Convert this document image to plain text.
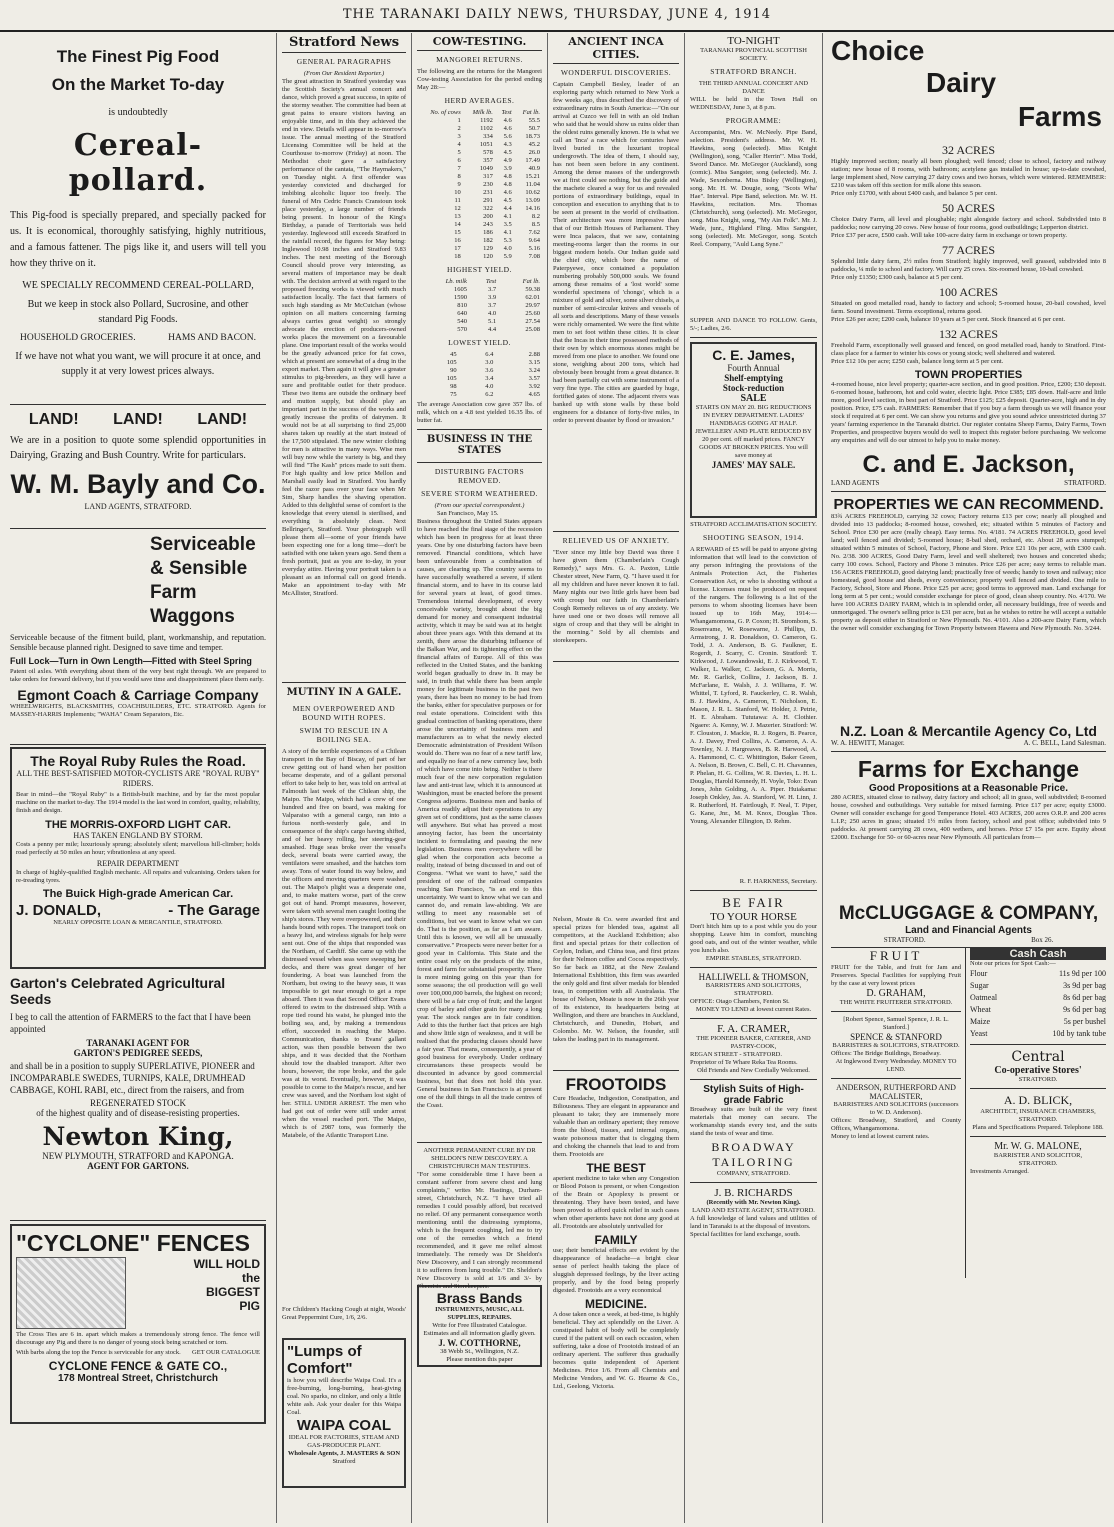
THE TARANAKI DAILY NEWS, THURSDAY, JUNE 4, 1914
The Finest Pig Food
On the Market To-day
is undoubtedly
Cereal-pollard.
This Pig-food is specially prepared, and specially packed for us. It is economical, thoroughly satisfying, highly nutritious, and a famous fattener. The pigs like it, and users will tell you how they thrive on it.
WE SPECIALLY RECOMMEND CEREAL-POLLARD,
But we keep in stock also Pollard, Sucrosine, and other standard Pig Foods.
HOUSEHOLD GROCERIES.	HAMS AND BACON.
If we have not what you want, we will procure it at once, and supply it at very lowest prices always.
LAND! LAND! LAND!
We are in a position to quote some splendid opportunities in Dairying, Grazing and Bush Country. Write for particulars.
W. M. Bayly and Co.
LAND AGENTS, STRATFORD.
Serviceable
& Sensible
Farm
Waggons
Serviceable because of the fitment build, plant, workmanship, and reputation. Sensible because planned right. Designed to save time and temper.
Full Lock—Turn in Own Length—Fitted with Steel Spring
Patent oil axles. With everything about them of the very best right through. We are prepared to take orders for forward delivery, but if you would save time and disappointment place them early.
Egmont Coach & Carriage Company
WHEELWRIGHTS, BLACKSMITHS, COACHBUILDERS, ETC. STRATFORD. Agents for MASSEY-HARRIS Implements; "WAHA" Cream Separators, Etc.
The Royal Ruby Rules the Road.
ALL THE BEST-SATISFIED MOTOR-CYCLISTS ARE "ROYAL RUBY" RIDERS.
Bear in mind—the "Royal Ruby" is a British-built machine, and by far the most popular machine on the market to-day. The 1914 model is the last word in comfort, quality, reliability, finish and design.
THE MORRIS-OXFORD LIGHT CAR.
HAS TAKEN ENGLAND BY STORM.
Costs a penny per mile; luxuriously sprung; absolutely silent; marvellous hill-climber; holds road perfectly at 50 miles an hour; vibrationless at any speed.
REPAIR DEPARTMENT
In charge of highly-qualified English mechanic. All repairs and vulcanising. Orders taken for re-treading tyres.
The Buick High-grade American Car.
J. DONALD,	- The Garage
NEARLY OPPOSITE LOAN & MERCANTILE, STRATFORD.
Garton's Celebrated Agricultural
Seeds
I beg to call the attention of FARMERS to the fact that I have been appointed
TARANAKI AGENT FOR
GARTON'S PEDIGREE SEEDS,
and shall be in a position to supply SUPERLATIVE, PIONEER and INCOMPARABLE SWEDES, TURNIPS, KALE, DRUMHEAD CABBAGE, KOHL RABI, etc., direct from the raisers, and from
REGENERATED STOCK
of the highest quality and of disease-resisting properties.
Newton King,
NEW PLYMOUTH, STRATFORD and KAPONGA.
AGENT FOR GARTONS.
"CYCLONE" FENCES
WILL HOLD
the
BIGGEST
PIG
The Cross Ties are 6 in. apart which makes a tremendously strong fence. The fence will discourage any Pig and there is no danger of young stock being scratched or torn.
With barbs along the top the Fence is serviceable for any stock. GET OUR CATALOGUE
CYCLONE FENCE & GATE CO.,
178 Montreal Street, Christchurch
Stratford News
GENERAL PARAGRAPHS
(From Our Resident Reporter.)
The great attraction in Stratford yesterday was the Scottish Society's annual concert and dance, which proved a great success, in spite of the stormy weather. The committee had been at great pains to ensure visitors having an enjoyable time, and in this they achieved the end in view. Details will appear in to-morrow's issue. The annual meeting of the Stratford Licensing Committee will be held at the Courthouse to-morrow (Friday) at noon. The Methodist choir gave a satisfactory performance of the cantata, "The Haymakers," on Tuesday night. A first offender was yesterday convicted and discharged for imbibing alcoholic liquor too freely. The funeral of Mrs Cedric Francis Cranstoun took place yesterday, a large number of friends being present. In honour of the King's Birthday, a parade of Territorials was held yesterday. Inglewood still exceeds Stratford in the rainfall record, the figures for May being: Inglewood 10.98 inches and Stratford 9.83 inches. The next meeting of the Borough Council should prove very interesting, as several matters of importance may be dealt with. The decision arrived at with regard to the proposed freezing works is viewed with much satisfaction locally. The fact that farmers of such high standing as Mr McCutchan (whose opinion on all matters concerning farming always carries great weight) so strongly advocate the erection of producers-owned works places the movement on a favourable plane. One important result of the works would be the greatly advanced price for fat cows, which at present are somewhat of a drug in the export market. Then again it will give a greater stimulus to pig-breeders, as they will have a sure and profitable outlet for their produce. These two items are outside the ordinary beef and mutton supply, but should play an important part in the success of the works and greatly increase the profits of dairymen. It would not be at all surprising to find 25,000 shares taken up readily at the start instead of the 17,500 stipulated. The new winter clothing for men is attractive in many ways. Wise men will buy now while the variety is big, and they will find "The Kash" prices made to suit them. For high quality and low price Mellon and Marshall easily lead in Stratford. You hardly feel the razor pass over your face when Mr Sim, Sharp handles the shaving operation. Added to this delightful sense of comfort is the knowledge that every utensil is sterilised, and everything is absolutely clean. Next Bellringer's, Stratford. Your photograph will please them all—some of your friends have been expecting one for a long time—don't be satisfied with one taken years ago. Send them a fresh portrait, just as you are to-day, in your everyday attire. Having your portrait taken is a pleasant as an informal call on good friends. Make an appointment to-day with Mr McAllister, Stratford.
MUTINY IN A GALE.
MEN OVERPOWERED AND BOUND WITH ROPES.
SWIM TO RESCUE IN A BOILING SEA.
A story of the terrible experiences of a Chilean transport in the Bay of Biscay, of part of her crew getting out of hand when her position became desperate, and of a gallant personal effort to take help to her, was told on arrival at Falmouth last week of the Chilean ship, the Maipo. The Maipo, which had a crew of one hundred and five on board, was making for Valparaiso with a general cargo, ran into a furious north-westerly gale, and in consequence of the ship's cargo having shifted, and of her heavy rolling, her steering-gear smashed. Huge seas broke over the vessel's deck, several boats were carried away, the ventilators were smashed, and the hatches torn away. Tons of water found its way below, and the officers and moving quarters were washed out. The Maipo's plight was a desperate one, and, to make matters worse, part of the crew got out of hand. Prompt measures, however, were taken with several men caught looting the ship's stores. They were overpowered, and their hands bound with ropes. The transport took on a heavy list, and wireless signals for help were sent out. One of the ships that responded was the Northam, of Cardiff. She came up with the distressed vessel when seas were sweeping her decks, and there was great danger of her foundering. A boat was launched from the Northam, but owing to the heavy seas, it was impossible to get near enough to get a rope aboard. Then it was that Second Officer Evans offered to swim to the distressed ship. With a rope tied round his waist, he plunged into the boiling sea, and, by making a tremendous effort, succeeded in reaching the Maipo. Communication, thanks to Evans' gallant action, was then possible between the two ships, and it was decided that the Northam should tow the disabled transport. After two hours, however, the rope broke, and the gale was at its worst. Eventually, however, it was possible to come to the Maipo's rescue, and her crew was saved, and the Northam lost sight of her. STILL UNDER ARREST. The men who had got out of order were still under arrest when the vessel reached port. The Maipo, which is of 2987 tons, was formerly the Matabele, of the Atlantic Transport Line.
For Children's Hacking Cough at night, Woods' Great Peppermint Cure, 1/6, 2/6.
"Lumps of
Comfort"
is how you will describe Waipa Coal. It's a free-burning, long-burning, heat-giving coal. No sparks, no clinker, and only a little white ash. Ask your dealer for this Waipa Coal.
WAIPA COAL
IDEAL FOR FACTORIES, STEAM AND GAS-PRODUCER PLANT.
Wholesale Agents, J. MASTERS & SON
Stratford
COW-TESTING.
MANGOREI RETURNS.
The following are the returns for the Mangorei Cow-testing Association for the period ending May 28:—
HERD AVERAGES.
No. of cows	Milk lb.	Test	Fat lb.
1	1192	4.6	55.5
2	1102	4.6	50.7
3	334	5.6	18.73
4	1051	4.3	45.2
5	578	4.5	26.0
6	357	4.9	17.49
7	1049	3.9	40.9
8	317	4.8	15.21
9	230	4.8	11.04
10	231	4.6	10.62
11	291	4.5	13.09
12	322	4.4	14.16
13	200	4.1	8.2
14	243	3.5	8.5
15	186	4.1	7.62
16	182	5.3	9.64
17	129	4.0	5.16
18	120	5.9	7.08
HIGHEST YIELD.
Lb. milk	Test	Fat lb.
1605	3.7	59.38
1590	3.9	62.01
810	3.7	29.97
640	4.0	25.60
540	5.1	27.54
570	4.4	25.08
LOWEST YIELD.
45	6.4	2.88
105	3.0	3.15
90	3.6	3.24
105	3.4	3.57
98	4.0	3.92
75	6.2	4.65
The average Association cow gave 357 lbs. of milk, which on a 4.8 test yielded 16.35 lbs. of butter fat.
BUSINESS IN THE STATES
DISTURBING FACTORS REMOVED.
SEVERE STORM WEATHERED.
(From our special correspondent.)
San Francisco, May 15.
Business throughout the United States appears to have reached the final stage of the recession which has been in progress for at least three years. One by one disturbing factors have been removed. Financial conditions, which have been unfavourable from a combination of causes, are clearing up. The country seems to have successfully weathered a severe, if silent financial storm, and to have in its course laid for several years at least, of good times. Tremendous internal development, of every conceivable variety, brought about the big demand for money and consequent industrial activity, which it may be said was at its height about three years ago. With this demand at its zenith, there arose the disturbing influence of the Balkan War, and its tightening effect on the financial affairs of Europe. All of this was reflected in the United States, and the banking world began gradually to draw in. It may be said, in truth that while there has been ample money for legitimate business in the past two years, there has been no money to be had from the banks, either for speculative purposes or for real estate operations. Coincident with this gradual contraction of banking operations, there arose the uncertainty of business men and manufacturers as to what the newly elected Democratic administration of President Wilson would do. There was no fear of a new tariff law, and equally no fear of a new currency law, both of which have come into being. Neither is there much fear of the new corporation regulation law and anti-trust law, which it is announced at Washington, must be enacted before the present Congress adjourns. Business men and banks of America readily adjust their operations to any given set of conditions, just as the same classes will anywhere. But what has proved a most annoying factor, has been the uncertainty incident to formulating and passing the new legislation. Business men everywhere will be glad when the corporation acts become a reality, instead of being discussed in and out of Congress. "What we want to have," said the president of one of the railroad companies reaching San Francisco, "is an end to this uncertainty. We want to know what we can and cannot do, and remain law-abiding. We are willing to meet any reasonable set of conditions, but we want to know what we can do. That is the position, as far as I am aware. Until this is known, we will all be unusually conservative." Prospects were never better for a good year in California. This State and the entire coast rely on the products of the mine, forest and farm for substantial prosperity. There is more mining going on this year than for some seasons; the oil production will go well over 100,000,000 barrels, the highest on record; there will be a fair crop of fruit; and the largest crop of barley and other grain for many a long year. The stock ranges are in fair condition. Add to this the further fact that prices are high and show little sign of weakness, and it will be realised that the producing classes should have a fair year. That means, consequently, a year of good business for everybody. Under ordinary circumstances these prospects would be discounted in advance by good commercial business, but that does not hold this year. General business in San Francisco is at present one of the dull things in all the trade centres of the Coast.
ANOTHER PERMANENT CURE BY DR SHELDON'S NEW DISCOVERY. A CHRISTCHURCH MAN TESTIFIES.
"For some considerable time I have been a constant sufferer from severe chest and lung complaints," writes Mr. Hastings, Durham-street, Christchurch, N.Z. "I have tried all remedies I could possibly afford, but received no relief. Of any permanent consequence worth mentioning until the distressing symptoms, which is the frequent coughing, led me to try one of the remedies which a friend recommended, and it gave me relief almost immediately. The remedy was Dr Sheldon's New Discovery, and I can strongly recommend it to sufferers from lung trouble." Dr. Sheldon's New Discovery is sold at 1/6 and 3/- by Chemists and Storekeepers.
Brass Bands
INSTRUMENTS, MUSIC, ALL SUPPLIES, REPAIRS.
Write for Free Illustrated Catalogue. Estimates and all information gladly given.
J. W. COTTHORNE,
38 Webb St., Wellington, N.Z.
Please mention this paper
ANCIENT INCA CITIES.
WONDERFUL DISCOVERIES.
Captain Campbell Besley, leader of an exploring party which returned to New York a few weeks ago, thus described the discovery of extraordinary ruins in South America:—"On our arrival at Cuzco we fell in with an old Indian who said that he would show us ruins older than the oldest ruins generally known. He is what we call an 'Inca' a race which for centuries have lived buried in the luxuriant tropical undergrowth. The idea of them, I should say, has not been seen before in any continent. Among the dense masses of the undergrowth we at first could see nothing, but the guide and the machete cleared a way for us and revealed portions of extraordinary buildings, equal in conception and execution to anything that is to be seen at present in the world of civilisation. Their architecture was more impressive than that of our British Houses of Parliament. They were Inca palaces, that we saw, containing meeting-rooms larger than the rooms in our biggest modern hotels. Our Indian guide said the chief city, which bore the name of Paterpyewe, once contained a population numbering probably 500,000 souls. We found among these remains of a 'lost world' some wonderful specimens of 'chongs', which is a mixture of gold and silver, some silver chisels, a number of semi-circular knives and vessels of all sorts and descriptions. Many of these vessels were richly ornamented. We were the first white men to set foot within these cities. It is clear that the Incas in their time possessed methods of their own by which enormous stones might be moved from one place to another. We found one stone, weighing about 200 tons, which had obviously been brought from a great distance. It had been partially cut with some instrument of a very fine type. The cities are guarded by huge, fortified gates of stone. The adjacent rivers was banked up with stone walls by these bold engineers for a distance of forty-five miles, in order to prevent disaster by flood or invasion."
RELIEVED US OF ANXIETY.
"Ever since my little boy David was three I have given them (Chamberlain's Cough Remedy)," says Mrs. G. A. Paxton, Little Chester street, New Farm, Q. "I have used it for all my children and have never known it to fail. Many nights our two little girls have been bad with croup but our faith in Chamberlain's Cough Remedy relieves us of any anxiety. We have used one or two doses will remove all signs of croup and that they will be alright in the morning." Sold by all chemists and storekeepers.
Nelson, Moate & Co. were awarded first and special prizes for blended teas, against all competitors, at the Auckland Exhibition; also first and special prizes for their collection of Ceylon, Indian, and China teas, and first prizes for their Nelmon coffee and Cocoa respectively. So far back as 1882, at the New Zealand International Exhibition, this firm was awarded the only gold and first silver medals for blended teas, in competition with all Australasia. The house of Nelson, Moate is now in the 26th year of its existence, its headquarters being at Wellington, and there are branches in Auckland, Christchurch, and Dunedin, Hobart, and Colombo. Mr. W. Nelson, the founder, still takes the leading part in its management.
FROOTOIDS
Cure Headache, Indigestion, Constipation, and Biliousness. They are elegant in appearance and pleasant to take; they are immensely more valuable than an ordinary aperient; they remove from the blood, tissues, and internal organs, waste poisonous matter that is clogging them and choking the channels that lead to and from them. Frootoids are
THE BEST
aperient medicine to take when any Congestion or Blood Poison is present, or when Congestion of the Brain or Apoplexy is present or threatening. They have been tested, and have been proved to afford quick relief in such cases when other aperients have not done any good at all. Frootoids are absolutely unrivalled for
FAMILY
use; their beneficial effects are evident by the disappearance of headache—a bright clear sense of perfect health taking the place of sluggish depressed feelings, by the liver acting properly, and by the food being properly digested. Frootoids are a very economical
MEDICINE.
A dose taken once a week, at bed-time, is highly beneficial. They act splendidly on the Liver. A constipated habit of body will be completely cured if the patient will on each occasion, when suffering, take a dose of Frootoids instead of an ordinary aperient. The sufferer thus gradually becomes quite independent of Aperient Medicines. Price 1/6. From all Chemists and Medicine Vendors, and W. G. Hearne & Co., Ltd., Geelong, Victoria.
TO-NIGHT
TARANAKI PROVINCIAL SCOTTISH SOCIETY.
STRATFORD BRANCH.
THE THIRD ANNUAL CONCERT AND DANCE
WILL be held in the Town Hall on WEDNESDAY, June 3, at 8 p.m.
PROGRAMME:
Accompanist, Mrs. W. McNeely. Pipe Band, selection. President's address. Mr. W. H. Hawkins, song (selected). Miss Knight (Wellington), song, "Caller Herrin'". Miss Todd, Sword Dance. Mr. McGregor (Auckland), song (comic). Miss Sangster, song (selected). Mr. J. Wade, Sexonberna. Miss Bisley (Wellington), song. Mr. H. W. Dougie, song, "Scots Wha' Hae". Interval. Pipe Band, selection. Mr. W. H. Hawkins, recitation. Mrs. Thomas (Christchurch), song (selected). Mr. McGregor, song. Miss Knight, song, "My Ain Folk". Mr. J. Wade, junr., Highland Fling. Miss Sangster, song (selected). Mr. McGregor, song. Scotch Reel. Company, "Auld Lang Syne."
SUPPER AND DANCE TO FOLLOW. Gents, 5/-; Ladies, 2/6.
C. E. James,
Fourth Annual
Shelf-emptying
Stock-reduction
SALE
STARTS ON MAY 20. BIG REDUCTIONS IN EVERY DEPARTMENT. LADIES' HANDBAGS GOING AT HALF. JEWELLERY AND PLATE REDUCED BY 20 per cent. off marked prices. FANCY GOODS AT BROKEN PRICES. You will save money at
JAMES' MAY SALE.
STRATFORD ACCLIMATISATION SOCIETY.
SHOOTING SEASON, 1914.
A REWARD of £5 will be paid to anyone giving information that will lead to the conviction of any person infringing the provisions of the Animals Protection Act, the Fisheries Conservation Act, or who is shooting without a license. Licenses must be produced on request of the rangers. The following is a list of the persons to whom shooting licenses have been issued up to 16th May, 1914:—Whangamomona, G. P. Coxon; H. Strombom, S. Rosenvame, W. Rosewarne, J. Phillips, D. Armstrong, J. R. Donaldson, O. Cameron, G. Todd, J. A. Anderson, B. G. Faulkner, E. Rogerdt, J. Scarry, C. Cronin. Stratford: T. Kirkwood, J. Lowandowski, E. J. Kirkwood, T. Walker, L. Walker, C. Jackson, G. A. Morris, Mr. R. Garlick, Collins, J. Jackson, B. J. McFarlane, E. Walsh, J. J. Williams, F. W. Whittel, T. Lyford, R. Fauckerley, C. R. Walsh, B. J. Hawkins, A. Cameron, T. Nicholson, E. Mason, J. R. L. Stanford, W. Holder, J. Petrie, H. E. Abraham. Tututawa: A. H. Clothier. Ngaere: A. Kenny, W. J. Mazerier. Stratford: W. F. Clouston, J. Mackie, R. J. Rogers, B. Pearce, A. J. Davey, Fred Collins, A. Cameron, A. A. Townley, N. J. Hargreaves, B. R. Harwood, A. A. Hammond, C. C. Whittington, Baker Green, A. Nelson, B. Brown, C. Bell, C. H. Chavannes, P. Phelan, H. G. Collins, W. R. Davies, L. H. L. Douglas, Harold Kennedy, H. Voyle, Toko: Evan Jones, John Golding, A. A. Piper. Huiakama: Joseph Onkley, Jas. A. Stanford, W. H. Linn, J. R. Rutherford, H. Fairtlough, F. Neal, T. Piper, G. Kane, Jnr., M. M. Knox, Douglas Thos. Young, Alexander Ellington, D. Rehm.
R. F. HARKNESS, Secretary.
BE FAIR
TO YOUR HORSE
Don't hitch him up to a post while you do your shopping. Leave him in comfort, munching good oats, and out of the winter weather, while you lunch also.
EMPIRE STABLES, STRATFORD.
HALLIWELL & THOMSON,
BARRISTERS AND SOLICITORS, STRATFORD.
OFFICE: Otago Chambers, Fenton St.
MONEY TO LEND at lowest current Rates.
F. A. CRAMER,
THE PIONEER BAKER, CATERER, AND PASTRY-COOK,
REGAN STREET - STRATFORD.
Proprietor of Te Whare Reka Tea Rooms.
Old Friends and New Cordially Welcomed.
Stylish Suits of High-grade Fabric
Broadway suits are built of the very finest materials that money can secure. The workmanship stands every test, and the suits stand the tests of wear and time.
BROADWAY TAILORING
COMPANY, STRATFORD.
J. B. RICHARDS
(Recently with Mr. Newton King).
LAND AND ESTATE AGENT, STRATFORD.
A full knowledge of land values and utilities of land in Taranaki is at the disposal of investors.
Special facilities for land exchange, south.
Choice
Dairy
Farms
32 ACRES
Highly improved section; nearly all been ploughed; well fenced; close to school, factory and railway station; new house of 8 rooms, with bathroom; acetylene gas installed in house; up-to-date cowshed, large implement shed, Now carrying 27 dairy cows and two horses, which were wintered. REMEMBER: £210 was taken off this section for milk alone this season.
Price only £1700, with about £400 cash, and balance 5 per cent.
50 ACRES
Choice Dairy Farm, all level and ploughable; right alongside factory and school. Subdivided into 8 paddocks; now carrying 20 cows. New house of four rooms, good outbuildings; Lepperton district.
Price £37 per acre, £500 cash. Will take 100-acre dairy farm in exchange or town property.
77 ACRES
Splendid little dairy farm, 2½ miles from Stratford; highly improved, well grassed, subdivided into 8 paddocks, ¼ mile to school and factory. Will carry 25 cows. Six-roomed house, 10-bail cowshed.
Price only £1350; £300 cash, balance at 5 per cent.
100 ACRES
Situated on good metalled road, handy to factory and school; 5-roomed house, 20-bail cowshed, level farm. Sound investment. Terms exceptional, returns good.
Price £26 per acre; £200 cash, balance 10 years at 5 per cent. Stock financed at 6 per cent.
132 ACRES
Freehold Farm, exceptionally well grassed and fenced, on good metalled road, handy to Stratford. First-class place for a farmer to winter his cows or young stock; well sheltered and watered.
Price £12 10s per acre; £250 cash, balance long term at 5 per cent.
TOWN PROPERTIES
4-roomed house, nice level property; quarter-acre section, and in good position. Price, £200; £30 deposit. 6-roomed house, bathroom, hot and cold water, electric light. Price £385; £85 down. Half-acre and little more, good level section, in best part of Stratford. Price £125; £25 deposit. Quarter-acre, high and in dry position. Price, £75 cash. FARMERS: Remember that if you buy a farm through us we will finance your stock if required at 6 per cent. We can show you returns and give you sound advice unrestricted during 37 years' farming experience in the Taranaki district. Our register contains Sheep Farms, Dairy Farms, Town Properties, and prospective buyers would do well to inspect this register before purchasing. We welcome any enquiries and will do our utmost to help you to make money.
C. and E. Jackson,
LAND AGENTS	STRATFORD.
PROPERTIES WE CAN RECOMMEND.
83¾ ACRES FREEHOLD, carrying 32 cows; Factory returns £13 per cow; nearly all ploughed and divided into 13 paddocks; 8-roomed house, cowshed, etc; situated within 5 minutes of Factory and School. Price £30 per acre (really cheap). Easy terms. No. 4/181. 74 ACRES FREEHOLD, good level land; well fenced and divided; 5-roomed house; 8-bail shed, orchard, etc. About 28 acres stumped; situated within 5 minutes of School, Factory, Phone and Store. Price £21 10s per acre, with £300 cash. No. 2/38. 300 ACRES, Good Dairy Farm, level and well sheltered; two houses and concreted sheds; carry 100 cows. School, Factory and Phone 3 minutes. Price £26 per acre; easy terms to reliable man. 156 ACRES FREEHOLD, good dairying land; practically free of weeds; handy to town and railway; nice homestead, good house and sheds, every convenience; property well fenced and divided. One mile to Factory, School, Store and Phone. Price £25 per acre; good terms to approved man. Land exchange for long term at 5 per cent.; would consider exchange for piece of good, clean sheep country. No. 4/170. We have 100 ACRES DAIRY FARM, which is in splendid order, all necessary buildings, free of weeds and unmortgaged. The owner's selling price is £31 per acre, but as he wishes to retire he will accept a suitable property as deposit either in Stratford or New Plymouth. No. 4/101. Also a 200-acre Dairy Farm, which the owner will consider exchanging for Town Property between Hawera and New Plymouth. No. 3/244.
N.Z. Loan & Mercantile Agency Co, Ltd
W. A. HEWITT, Manager.	A. C. BELL, Land Salesman.
Farms for Exchange
Good Propositions at a Reasonable Price.
280 ACRES, situated close to railway, dairy factory and school; all in grass, well subdivided; 8-roomed house, cowshed and outbuildings. Very suitable for mixed farming. Price £17 per acre; equity £3000. Owner will consider exchange for good Temperance Hotel. 403 ACRES, 200 acres O.R.P. and 200 acres L.I.P.; 250 acres in grass; situated 1½ miles from factory, school and post office; subdivided into 9 paddocks. At present carrying 28 cows, 400 wethers, and horses. Price £7 15s per acre. Equity about £2000. Exchange for 50- or 60-acres near New Plymouth. All particulars from—
McCLUGGAGE & COMPANY,
Land and Financial Agents
STRATFORD.	Box 26.
FRUIT
FRUIT for the Table, and fruit for Jam and Preserves. Special Facilities for supplying Fruit by the case at very lowest prices
D. GRAHAM,
THE WHITE FRUITERER STRATFORD.
[Robert Spence, Samuel Spence, J. R. L. Stanford.]
SPENCE & STANFORD
BARRISTERS & SOLICITORS, STRATFORD.
Offices: The Bridge Buildings, Broadway.
At Inglewood Every Wednesday. MONEY TO LEND.
ANDERSON, RUTHERFORD AND MACALISTER,
BARRISTERS AND SOLICITORS (successors to W. D. Anderson).
Offices: Broadway, Stratford, and County Offices, Whangamomona.
Money to lend at lowest current rates.
Cash Cash
Note our prices for Spot Cash:—
Flour	11s 9d per 100
Sugar	3s 9d per bag
Oatmeal	8s 6d per bag
Wheat	9s 6d per bag
Maize	5s per bushel
Yeast	10d by tank tube
Central
Co-operative Stores'
STRATFORD.
A. D. BLICK,
ARCHITECT, INSURANCE CHAMBERS, STRATFORD.
Plans and Specifications Prepared. Telephone 188.
Mr. W. G. MALONE,
BARRISTER AND SOLICITOR,
STRATFORD.
Investments Arranged.
